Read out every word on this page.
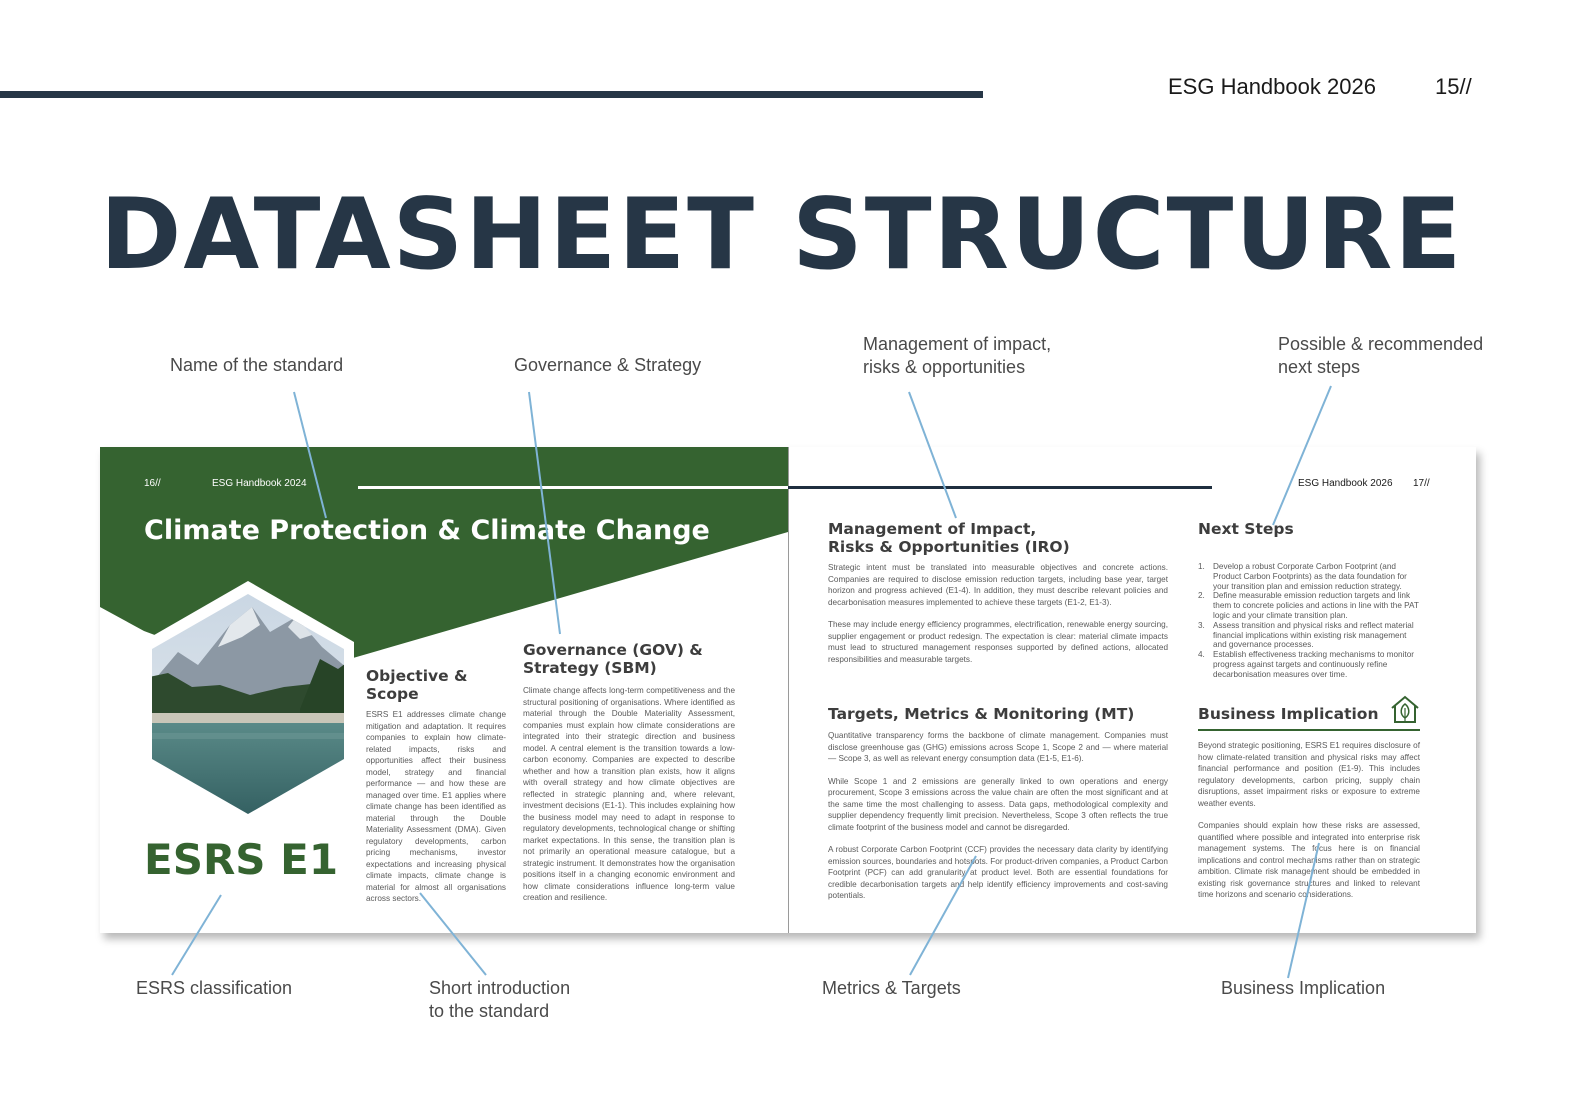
ESG Handbook 2026	15//
DATASHEET STRUCTURE
Name of the standard	Governance & Strategy
Management of impact,
risks & opportunities
Possible & recommended
next steps
ESRS classification	Short introduction
to the standard
Metrics & Targets	Business Implication
16//	ESG Handbook 2024	ESG Handbook 2026 17//
Climate Protection & Climate Change
ESRS E1
Objective &
Scope
ESRS E1 addresses climate change mitigation and adaptation. It requires companies to explain how climate-related impacts, risks and opportunities affect their business model, strategy and financial performance — and how these are managed over time. E1 applies where climate change has been identified as material through the Double Materiality Assessment (DMA). Given regulatory developments, carbon pricing mechanisms, investor expectations and increasing physical climate impacts, climate change is material for almost all organisations across sectors.
Governance (GOV) &
Strategy (SBM)
Climate change affects long-term competitiveness and the structural positioning of organisations. Where identified as material through the Double Materiality Assessment, companies must explain how climate considerations are integrated into their strategic direction and business model. A central element is the transition towards a low-carbon economy. Companies are expected to describe whether and how a transition plan exists, how it aligns with overall strategy and how climate objectives are reflected in strategic planning and, where relevant, investment decisions (E1-1). This includes explaining how the business model may need to adapt in response to regulatory developments, technological change or shifting market expectations. In this sense, the transition plan is not primarily an operational measure catalogue, but a strategic instrument. It demonstrates how the organisation positions itself in a changing economic environment and how climate considerations influence long-term value creation and resilience.
Management of Impact,
Risks & Opportunities (IRO)

Strategic intent must be translated into measurable objectives and concrete actions. Companies are required to disclose emission reduction targets, including base year, target horizon and progress achieved (E1-4). In addition, they must describe relevant policies and decarbonisation measures implemented to achieve these targets (E1-2, E1-3).

These may include energy efficiency programmes, electrification, renewable energy sourcing, supplier engagement or product redesign. The expectation is clear: material climate impacts must lead to structured management responses supported by defined actions, allocated responsibilities and measurable targets.

Targets, Metrics & Monitoring (MT)

Quantitative transparency forms the backbone of climate management. Companies must disclose greenhouse gas (GHG) emissions across Scope 1, Scope 2 and — where material — Scope 3, as well as relevant energy consumption data (E1-5, E1-6).

While Scope 1 and 2 emissions are generally linked to own operations and energy procurement, Scope 3 emissions across the value chain are often the most significant and at the same time the most challenging to assess. Data gaps, methodological complexity and supplier dependency frequently limit precision. Nevertheless, Scope 3 often reflects the true climate footprint of the business model and cannot be disregarded.

A robust Corporate Carbon Footprint (CCF) provides the necessary data clarity by identifying emission sources, boundaries and hotspots. For product-driven companies, a Product Carbon Footprint (PCF) can add granularity at product level. Both are essential foundations for credible decarbonisation targets and help identify efficiency improvements and cost-saving potentials.

Next Steps
1. Develop a robust Corporate Carbon Footprint (and Product Carbon Footprints) as the data foundation for your transition plan and emission reduction strategy.
2. Define measurable emission reduction targets and link them to concrete policies and actions in line with the PAT logic and your climate transition plan.
3. Assess transition and physical risks and reflect material financial implications within existing risk management and governance processes.
4. Establish effectiveness tracking mechanisms to monitor progress against targets and continuously refine decarbonisation measures over time.
Business Implication

Beyond strategic positioning, ESRS E1 requires disclosure of how climate-related transition and physical risks may affect financial performance and position (E1-9). This includes regulatory developments, carbon pricing, supply chain disruptions, asset impairment risks or exposure to extreme weather events.

Companies should explain how these risks are assessed, quantified where possible and integrated into enterprise risk management systems. The focus here is on financial implications and control mechanisms rather than on strategic ambition. Climate risk management should be embedded in existing risk governance structures and linked to relevant time horizons and scenario considerations.
